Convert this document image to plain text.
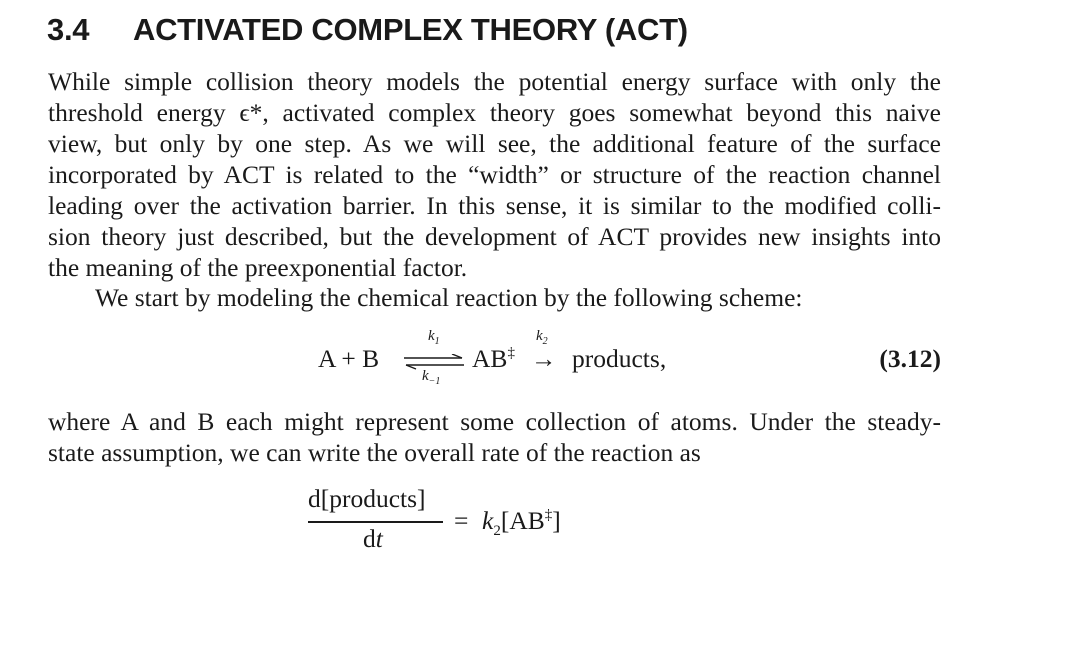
3.4 ACTIVATED COMPLEX THEORY (ACT)

While simple collision theory models the potential energy surface with only the
threshold energy ϵ*, activated complex theory goes somewhat beyond this naive
view, but only by one step. As we will see, the additional feature of the surface
incorporated by ACT is related to the “width” or structure of the reaction channel
leading over the activation barrier. In this sense, it is similar to the modified colli-
sion theory just described, but the development of ACT provides new insights into
the meaning of the preexponential factor.

We start by modeling the chemical reaction by the following scheme:

A + B
$k_1$
$k_{-1}$
AB‡
$k_2$
→ products,	(3.12)

where A and B each might represent some collection of atoms. Under the steady-
state assumption, we can write the overall rate of the reaction as

d[products]
dt
= $k_2[AB^\ddagger]$
